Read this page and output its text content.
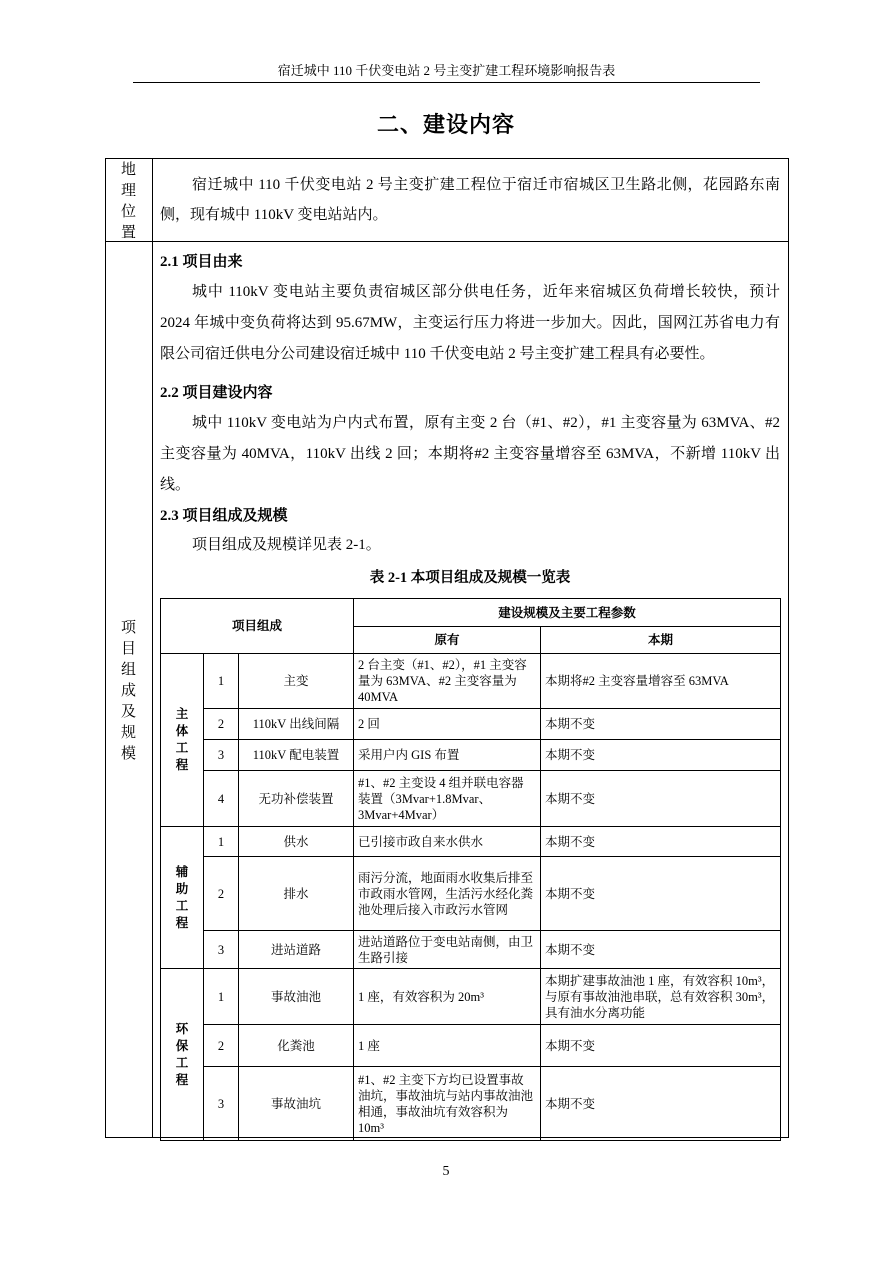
宿迁城中 110 千伏变电站 2 号主变扩建工程环境影响报告表
二、建设内容
地
理
位
置
宿迁城中 110 千伏变电站 2 号主变扩建工程位于宿迁市宿城区卫生路北侧，花园路东南侧，现有城中 110kV 变电站站内。
项
目
组
成
及
规
模
2.1 项目由来
城中 110kV 变电站主要负责宿城区部分供电任务，近年来宿城区负荷增长较快，预计 2024 年城中变负荷将达到 95.67MW，主变运行压力将进一步加大。因此，国网江苏省电力有限公司宿迁供电分公司建设宿迁城中 110 千伏变电站 2 号主变扩建工程具有必要性。
2.2 项目建设内容
城中 110kV 变电站为户内式布置，原有主变 2 台（#1、#2），#1 主变容量为 63MVA、#2 主变容量为 40MVA，110kV 出线 2 回；本期将#2 主变容量增容至 63MVA，不新增 110kV 出线。
2.3 项目组成及规模
项目组成及规模详见表 2-1。
表 2-1 本项目组成及规模一览表
项目组成			建设规模及主要工程参数	
			原有	本期

主
体
工
程	1	主变	2 台主变（#1、#2），#1 主变容量为 63MVA、#2 主变容量为 40MVA	本期将#2 主变容量增容至 63MVA
	2	110kV 出线间隔	2 回	本期不变
	3	110kV 配电装置	采用户内 GIS 布置	本期不变
	4	无功补偿装置	#1、#2 主变设 4 组并联电容器装置（3Mvar+1.8Mvar、3Mvar+4Mvar）	本期不变

辅
助
工
程	1	供水	已引接市政自来水供水	本期不变
	2	排水	雨污分流，地面雨水收集后排至市政雨水管网，生活污水经化粪池处理后接入市政污水管网	本期不变
	3	进站道路	进站道路位于变电站南侧，由卫生路引接	本期不变

环
保
工
程	1	事故油池	1 座，有效容积为 20m³	本期扩建事故油池 1 座，有效容积 10m³，与原有事故油池串联，总有效容积 30m³，具有油水分离功能
	2	化粪池	1 座	本期不变
	3	事故油坑	#1、#2 主变下方均已设置事故油坑，事故油坑与站内事故油池相通，事故油坑有效容积为 10m³	本期不变
5
